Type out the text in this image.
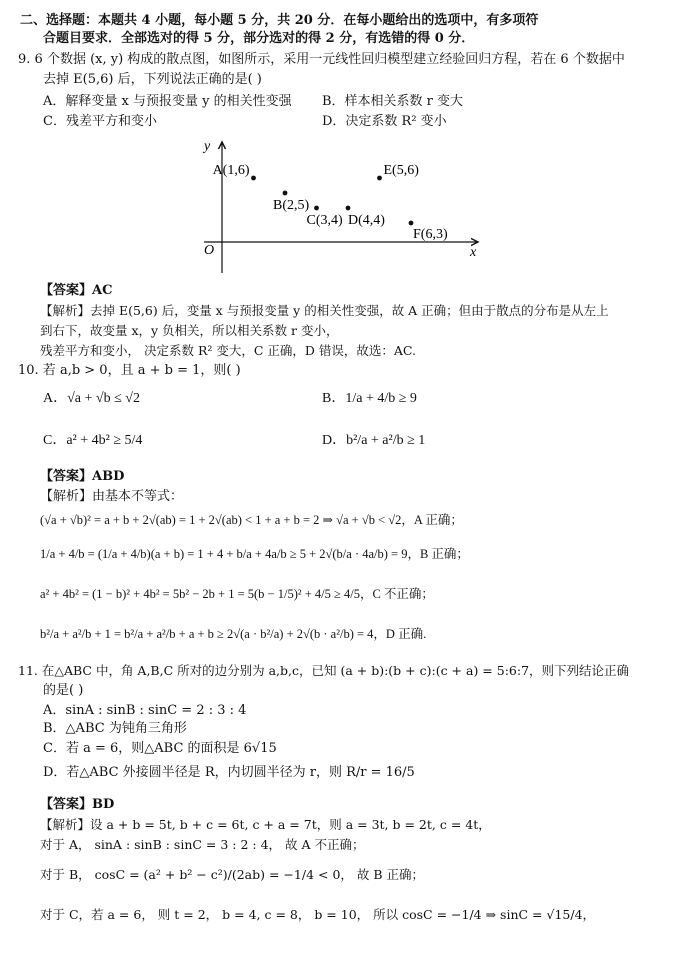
二、选择题：本题共 4 小题，每小题 5 分，共 20 分．在每小题给出的选项中，有多项符
合题目要求．全部选对的得 5 分，部分选对的得 2 分，有选错的得 0 分．
9. 6 个数据 (x, y) 构成的散点图，如图所示，采用一元线性回归模型建立经验回归方程，若在 6 个数据中
去掉 E(5,6) 后，下列说法正确的是( )
A．解释变量 x 与预报变量 y 的相关性变强 B．样本相关系数 r 变大
C．残差平方和变小	D．决定系数 R² 变小
y
x
O
A(1,6)
B(2,5)
C(3,4) D(4,4)
E(5,6)
F(6,3)
【答案】AC
【解析】去掉 E(5,6) 后，变量 x 与预报变量 y 的相关性变强，故 A 正确；但由于散点的分布是从左上
到右下，故变量 x，y 负相关，所以相关系数 r 变小，
残差平方和变小， 决定系数 R² 变大，C 正确，D 错误，故选：AC.
10. 若 a,b > 0，且 a + b = 1，则( )
A．√a + √b ≤ √2	B．1/a + 4/b ≥ 9
C．a² + 4b² ≥ 5/4	D．b²/a + a²/b ≥ 1
【答案】ABD
【解析】由基本不等式：
(√a + √b)² = a + b + 2√(ab) = 1 + 2√(ab) < 1 + a + b = 2 ⇒ √a + √b < √2，A 正确；
1/a + 4/b = (1/a + 4/b)(a + b) = 1 + 4 + b/a + 4a/b ≥ 5 + 2√(b/a · 4a/b) = 9，B 正确；
a² + 4b² = (1 − b)² + 4b² = 5b² − 2b + 1 = 5(b − 1/5)² + 4/5 ≥ 4/5，C 不正确；
b²/a + a²/b + 1 = b²/a + a²/b + a + b ≥ 2√(a · b²/a) + 2√(b · a²/b) = 4，D 正确.
11. 在△ABC 中，角 A,B,C 所对的边分别为 a,b,c，已知 (a + b):(b + c):(c + a) = 5:6:7，则下列结论正确
的是( )
A．sinA : sinB : sinC = 2 : 3 : 4
B．△ABC 为钝角三角形
C．若 a = 6，则△ABC 的面积是 6√15
D．若△ABC 外接圆半径是 R，内切圆半径为 r，则 R/r = 16/5
【答案】BD
【解析】设 a + b = 5t, b + c = 6t, c + a = 7t，则 a = 3t, b = 2t, c = 4t，
对于 A， sinA : sinB : sinC = 3 : 2 : 4， 故 A 不正确；
对于 B， cosC = (a² + b² − c²)/(2ab) = −1/4 < 0， 故 B 正确；
对于 C，若 a = 6， 则 t = 2， b = 4, c = 8， b = 10， 所以 cosC = −1/4 ⇒ sinC = √15/4，
